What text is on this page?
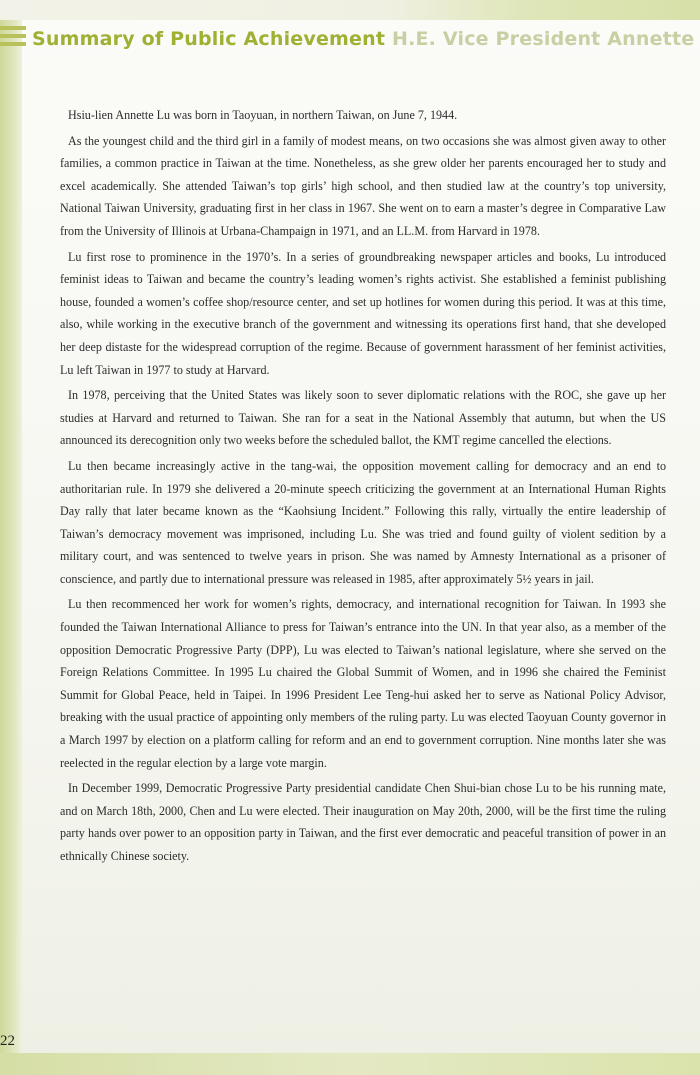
Summary of Public Achievement H.E. Vice President Annette

Hsiu-lien Annette Lu was born in Taoyuan, in northern Taiwan, on June 7, 1944.

As the youngest child and the third girl in a family of modest means, on two occasions she was almost given away to other families, a common practice in Taiwan at the time. Nonetheless, as she grew older her parents encouraged her to study and excel academically. She attended Taiwan’s top girls’ high school, and then studied law at the country’s top university, National Taiwan University, graduating first in her class in 1967. She went on to earn a master’s degree in Comparative Law from the University of Illinois at Urbana-Champaign in 1971, and an LL.M. from Harvard in 1978.

Lu first rose to prominence in the 1970’s. In a series of groundbreaking newspaper articles and books, Lu introduced feminist ideas to Taiwan and became the country’s leading women’s rights activist. She established a feminist publishing house, founded a women’s coffee shop/resource center, and set up hotlines for women during this period. It was at this time, also, while working in the executive branch of the government and witnessing its operations first hand, that she developed her deep distaste for the widespread corruption of the regime. Because of government harassment of her feminist activities, Lu left Taiwan in 1977 to study at Harvard.

In 1978, perceiving that the United States was likely soon to sever diplomatic relations with the ROC, she gave up her studies at Harvard and returned to Taiwan. She ran for a seat in the National Assembly that autumn, but when the US announced its derecognition only two weeks before the scheduled ballot, the KMT regime cancelled the elections.

Lu then became increasingly active in the tang-wai, the opposition movement calling for democracy and an end to authoritarian rule. In 1979 she delivered a 20-minute speech criticizing the government at an International Human Rights Day rally that later became known as the “Kaohsiung Incident.” Following this rally, virtually the entire leadership of Taiwan’s democracy movement was imprisoned, including Lu. She was tried and found guilty of violent sedition by a military court, and was sentenced to twelve years in prison. She was named by Amnesty International as a prisoner of conscience, and partly due to international pressure was released in 1985, after approximately 5½ years in jail.

Lu then recommenced her work for women’s rights, democracy, and international recognition for Taiwan. In 1993 she founded the Taiwan International Alliance to press for Taiwan’s entrance into the UN. In that year also, as a member of the opposition Democratic Progressive Party (DPP), Lu was elected to Taiwan’s national legislature, where she served on the Foreign Relations Committee. In 1995 Lu chaired the Global Summit of Women, and in 1996 she chaired the Feminist Summit for Global Peace, held in Taipei. In 1996 President Lee Teng-hui asked her to serve as National Policy Advisor, breaking with the usual practice of appointing only members of the ruling party. Lu was elected Taoyuan County governor in a March 1997 by election on a platform calling for reform and an end to government corruption. Nine months later she was reelected in the regular election by a large vote margin.

In December 1999, Democratic Progressive Party presidential candidate Chen Shui-bian chose Lu to be his running mate, and on March 18th, 2000, Chen and Lu were elected. Their inauguration on May 20th, 2000, will be the first time the ruling party hands over power to an opposition party in Taiwan, and the first ever democratic and peaceful transition of power in an ethnically Chinese society.

22
